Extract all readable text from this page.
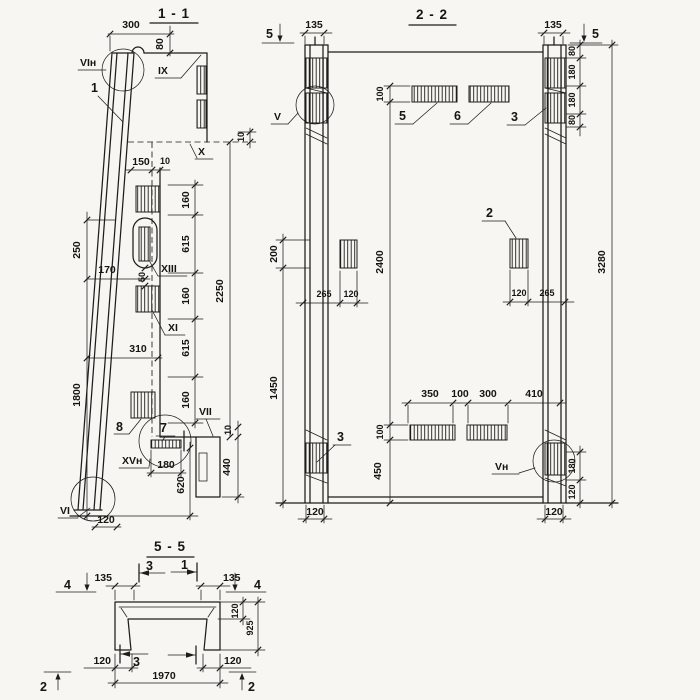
1 - 1
VIн
IX
X
XIII
XI
VII
XVн
VI
1
7
8
300
80
10
150 10
160
615
160
615
160
2250
250
1800
170
50
310
180
620
10
440
120
2 - 2
5	5
135	135
80
180
180
80
180
120
3280
100
2400
100
450
200
1450
265 120	120 265
350 100 300	410
120	120
V
Vн
5	6	3
2
3
5 - 5
4	4
3 1
135	135
120
925
120	120
1970
3
2	2
